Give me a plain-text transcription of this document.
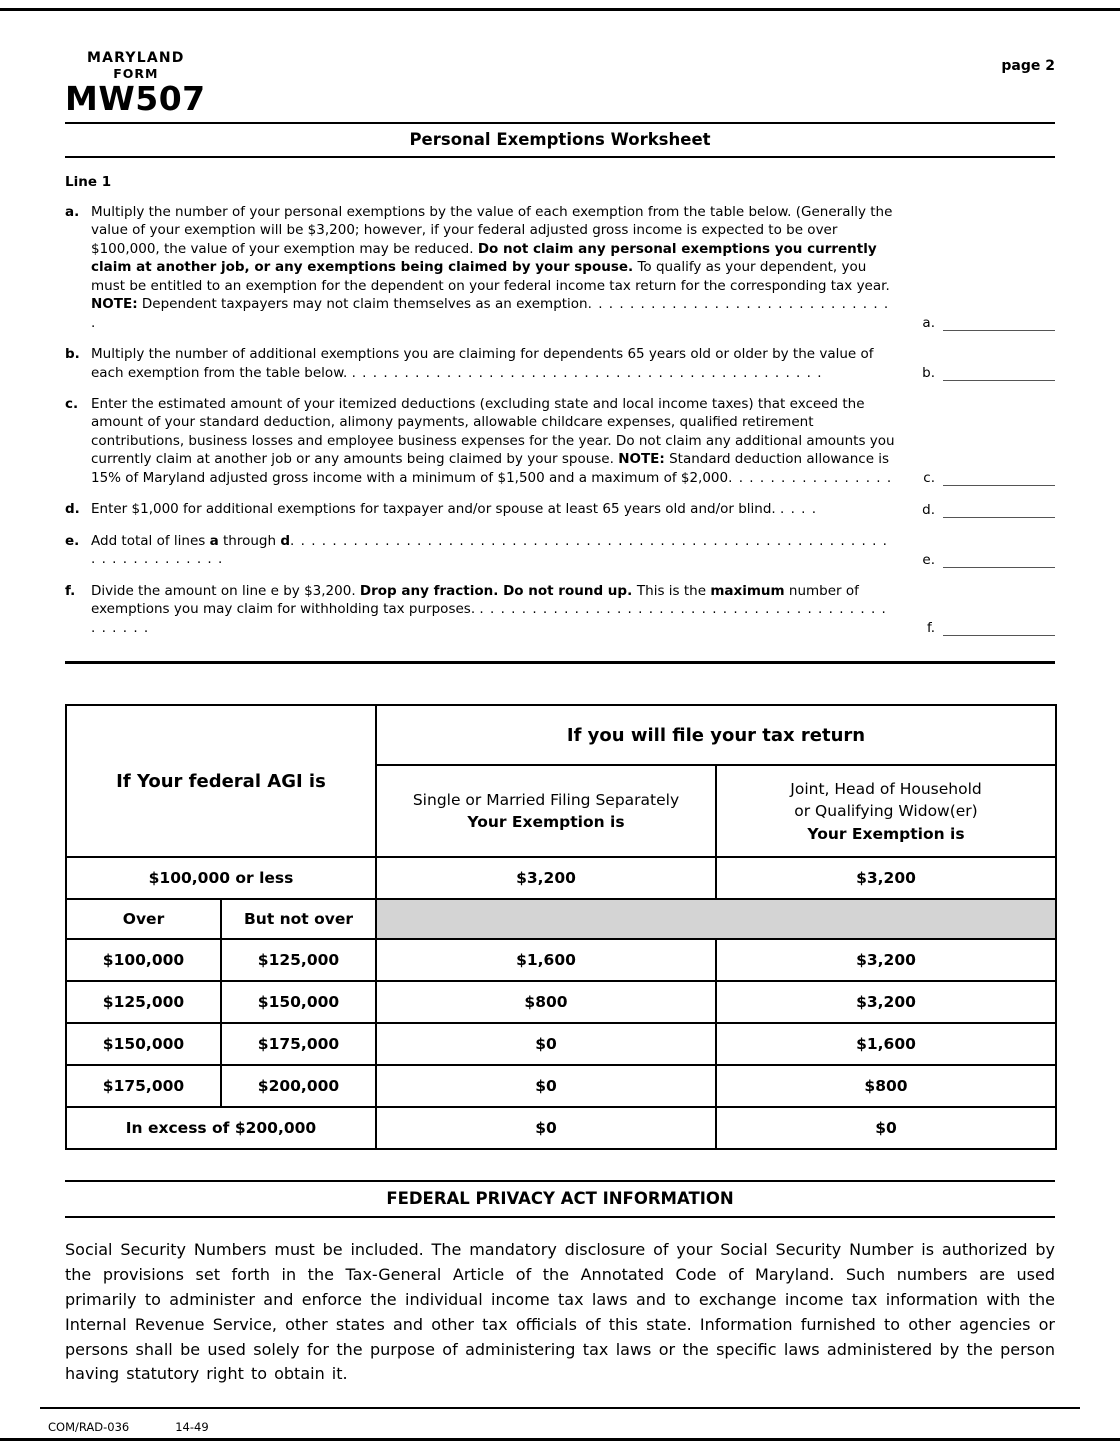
MARYLAND
FORM
MW507
page 2
Personal Exemptions Worksheet
Line 1
a. Multiply the number of your personal exemptions by the value of each exemption from the table below. (Generally the value of your exemption will be $3,200; however, if your federal adjusted gross income is expected to be over $100,000, the value of your exemption may be reduced. Do not claim any personal exemptions you currently claim at another job, or any exemptions being claimed by your spouse. To qualify as your dependent, you must be entitled to an exemption for the dependent on your federal income tax return for the corresponding tax year. NOTE: Dependent taxpayers may not claim themselves as an exemption. . . . . . . . . . . . . . . . . . . . . . . . . . . . . .	a.
b. Multiply the number of additional exemptions you are claiming for dependents 65 years old or older by the value of each exemption from the table below. . . . . . . . . . . . . . . . . . . . . . . . . . . . . . . . . . . . . . . . . . . . . .	b.
c. Enter the estimated amount of your itemized deductions (excluding state and local income taxes) that exceed the amount of your standard deduction, alimony payments, allowable childcare expenses, qualified retirement contributions, business losses and employee business expenses for the year. Do not claim any additional amounts you currently claim at another job or any amounts being claimed by your spouse. NOTE: Standard deduction allowance is 15% of Maryland adjusted gross income with a minimum of $1,500 and a maximum of $2,000. . . . . . . . . . . . . . . .	c.
d. Enter $1,000 for additional exemptions for taxpayer and/or spouse at least 65 years old and/or blind. . . . .	d.
e. Add total of lines a through d. . . . . . . . . . . . . . . . . . . . . . . . . . . . . . . . . . . . . . . . . . . . . . . . . . . . . . . . . . . . . . . . . . . . . .	e.
f.	Divide the amount on line e by $3,200. Drop any fraction. Do not round up. This is the maximum number of exemptions you may claim for withholding tax purposes. . . . . . . . . . . . . . . . . . . . . . . . . . . . . . . . . . . . . . . . . . . . . .	f.
If Your federal AGI is		If you will file your tax return	

Single or Married Filing Separately
Your Exemption is

Joint, Head of Household
or Qualifying Widow(er)
Your Exemption is

$100,000 or less		$3,200	$3,200
Over	But not over		
$100,000	$125,000	$1,600	$3,200
$125,000	$150,000	$800	$3,200
$150,000	$175,000	$0	$1,600
$175,000	$200,000	$0	$800
In excess of $200,000		$0	$0
FEDERAL PRIVACY ACT INFORMATION
Social Security Numbers must be included. The mandatory disclosure of your Social Security Number is authorized by the provisions set forth in the Tax-General Article of the Annotated Code of Maryland. Such numbers are used primarily to administer and enforce the individual income tax laws and to exchange income tax information with the Internal Revenue Service, other states and other tax officials of this state. Information furnished to other agencies or persons shall be used solely for the purpose of administering tax laws or the specific laws administered by the person having statutory right to obtain it.
COM/RAD-036	14-49
